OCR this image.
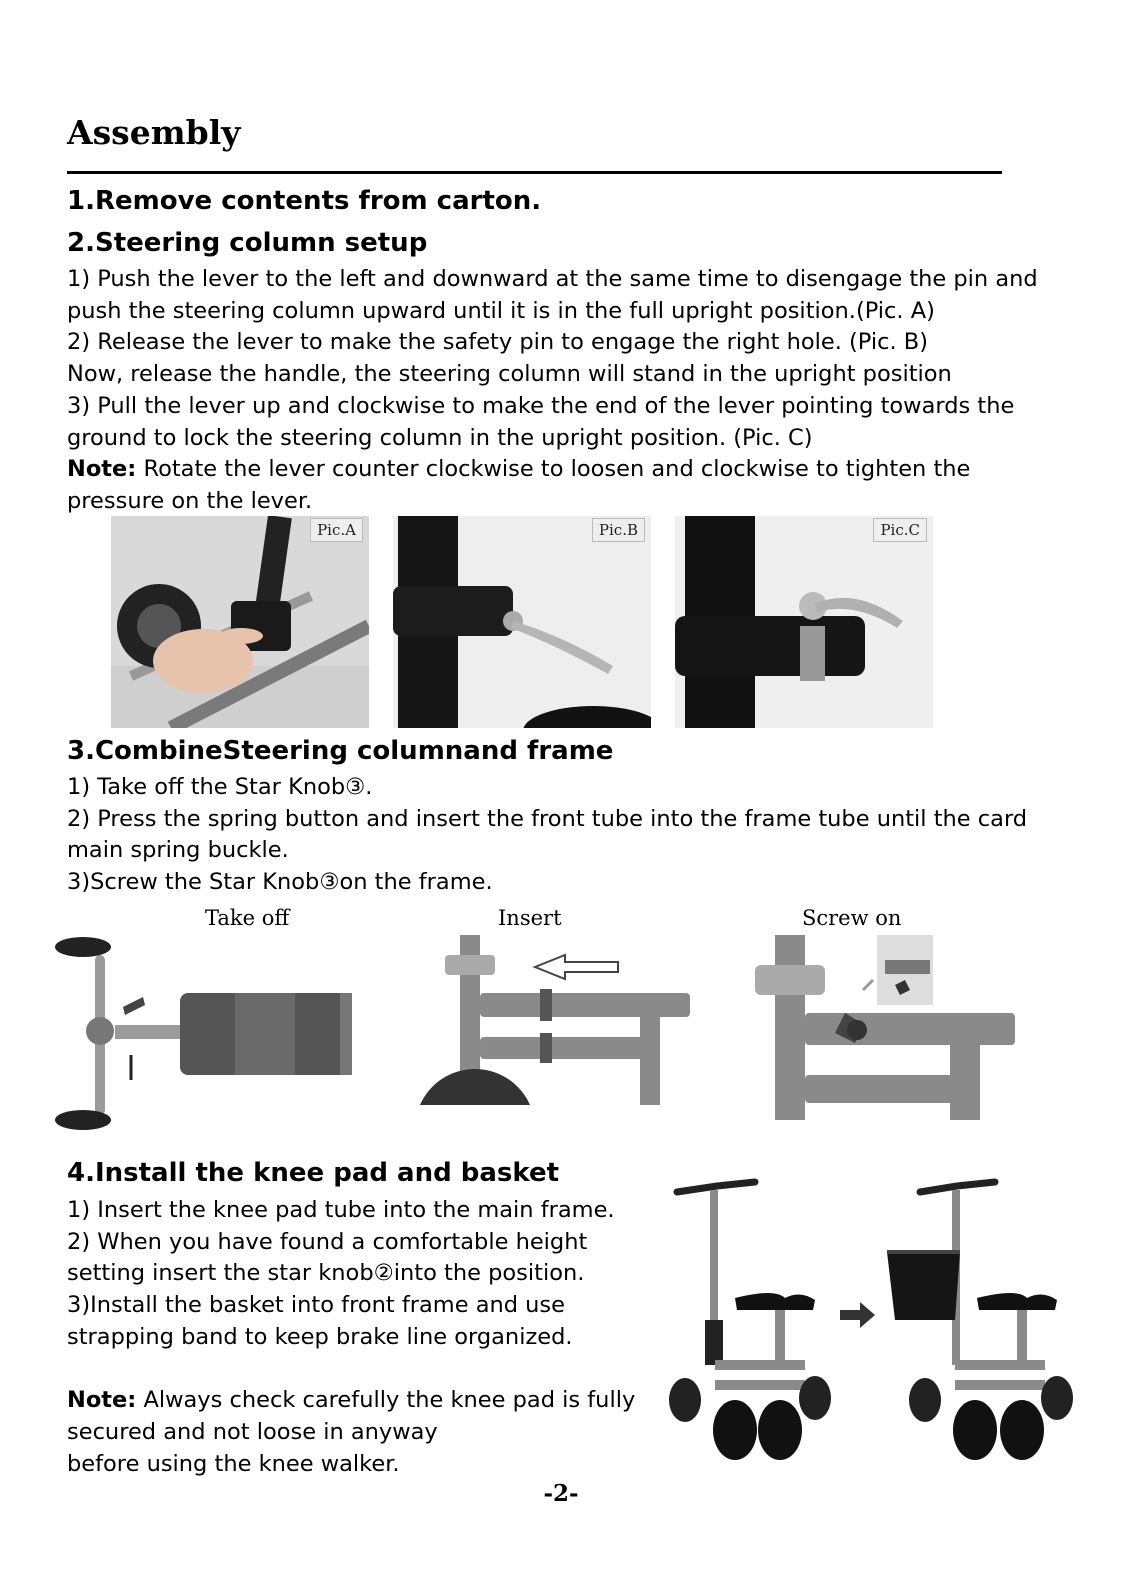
Assembly
1.Remove contents from carton.
2.Steering column setup
1) Push the lever to the left and downward at the same time to disengage the pin and
push the steering column upward until it is in the full upright position.(Pic. A)
2) Release the lever to make the safety pin to engage the right hole. (Pic. B)
Now, release the handle, the steering column will stand in the upright position
3) Pull the lever up and clockwise to make the end of the lever pointing towards the
ground to lock the steering column in the upright position. (Pic. C)
Note: Rotate the lever counter clockwise to loosen and clockwise to tighten the
pressure on the lever.
Pic.A	Pic.B	Pic.C
3.CombineSteering columnand frame
1) Take off the Star Knob③.
2) Press the spring button and insert the front tube into the frame tube until the card
main spring buckle.
3)Screw the Star Knob③on the frame.
Take off	Insert	Screw on
4.Install the knee pad and basket
1) Insert the knee pad tube into the main frame.
2) When you have found a comfortable height
setting insert the star knob②into the position.
3)Install the basket into front frame and use
strapping band to keep brake line organized.
Note: Always check carefully the knee pad is fully
secured and not loose in anyway
before using the knee walker.
-2-
